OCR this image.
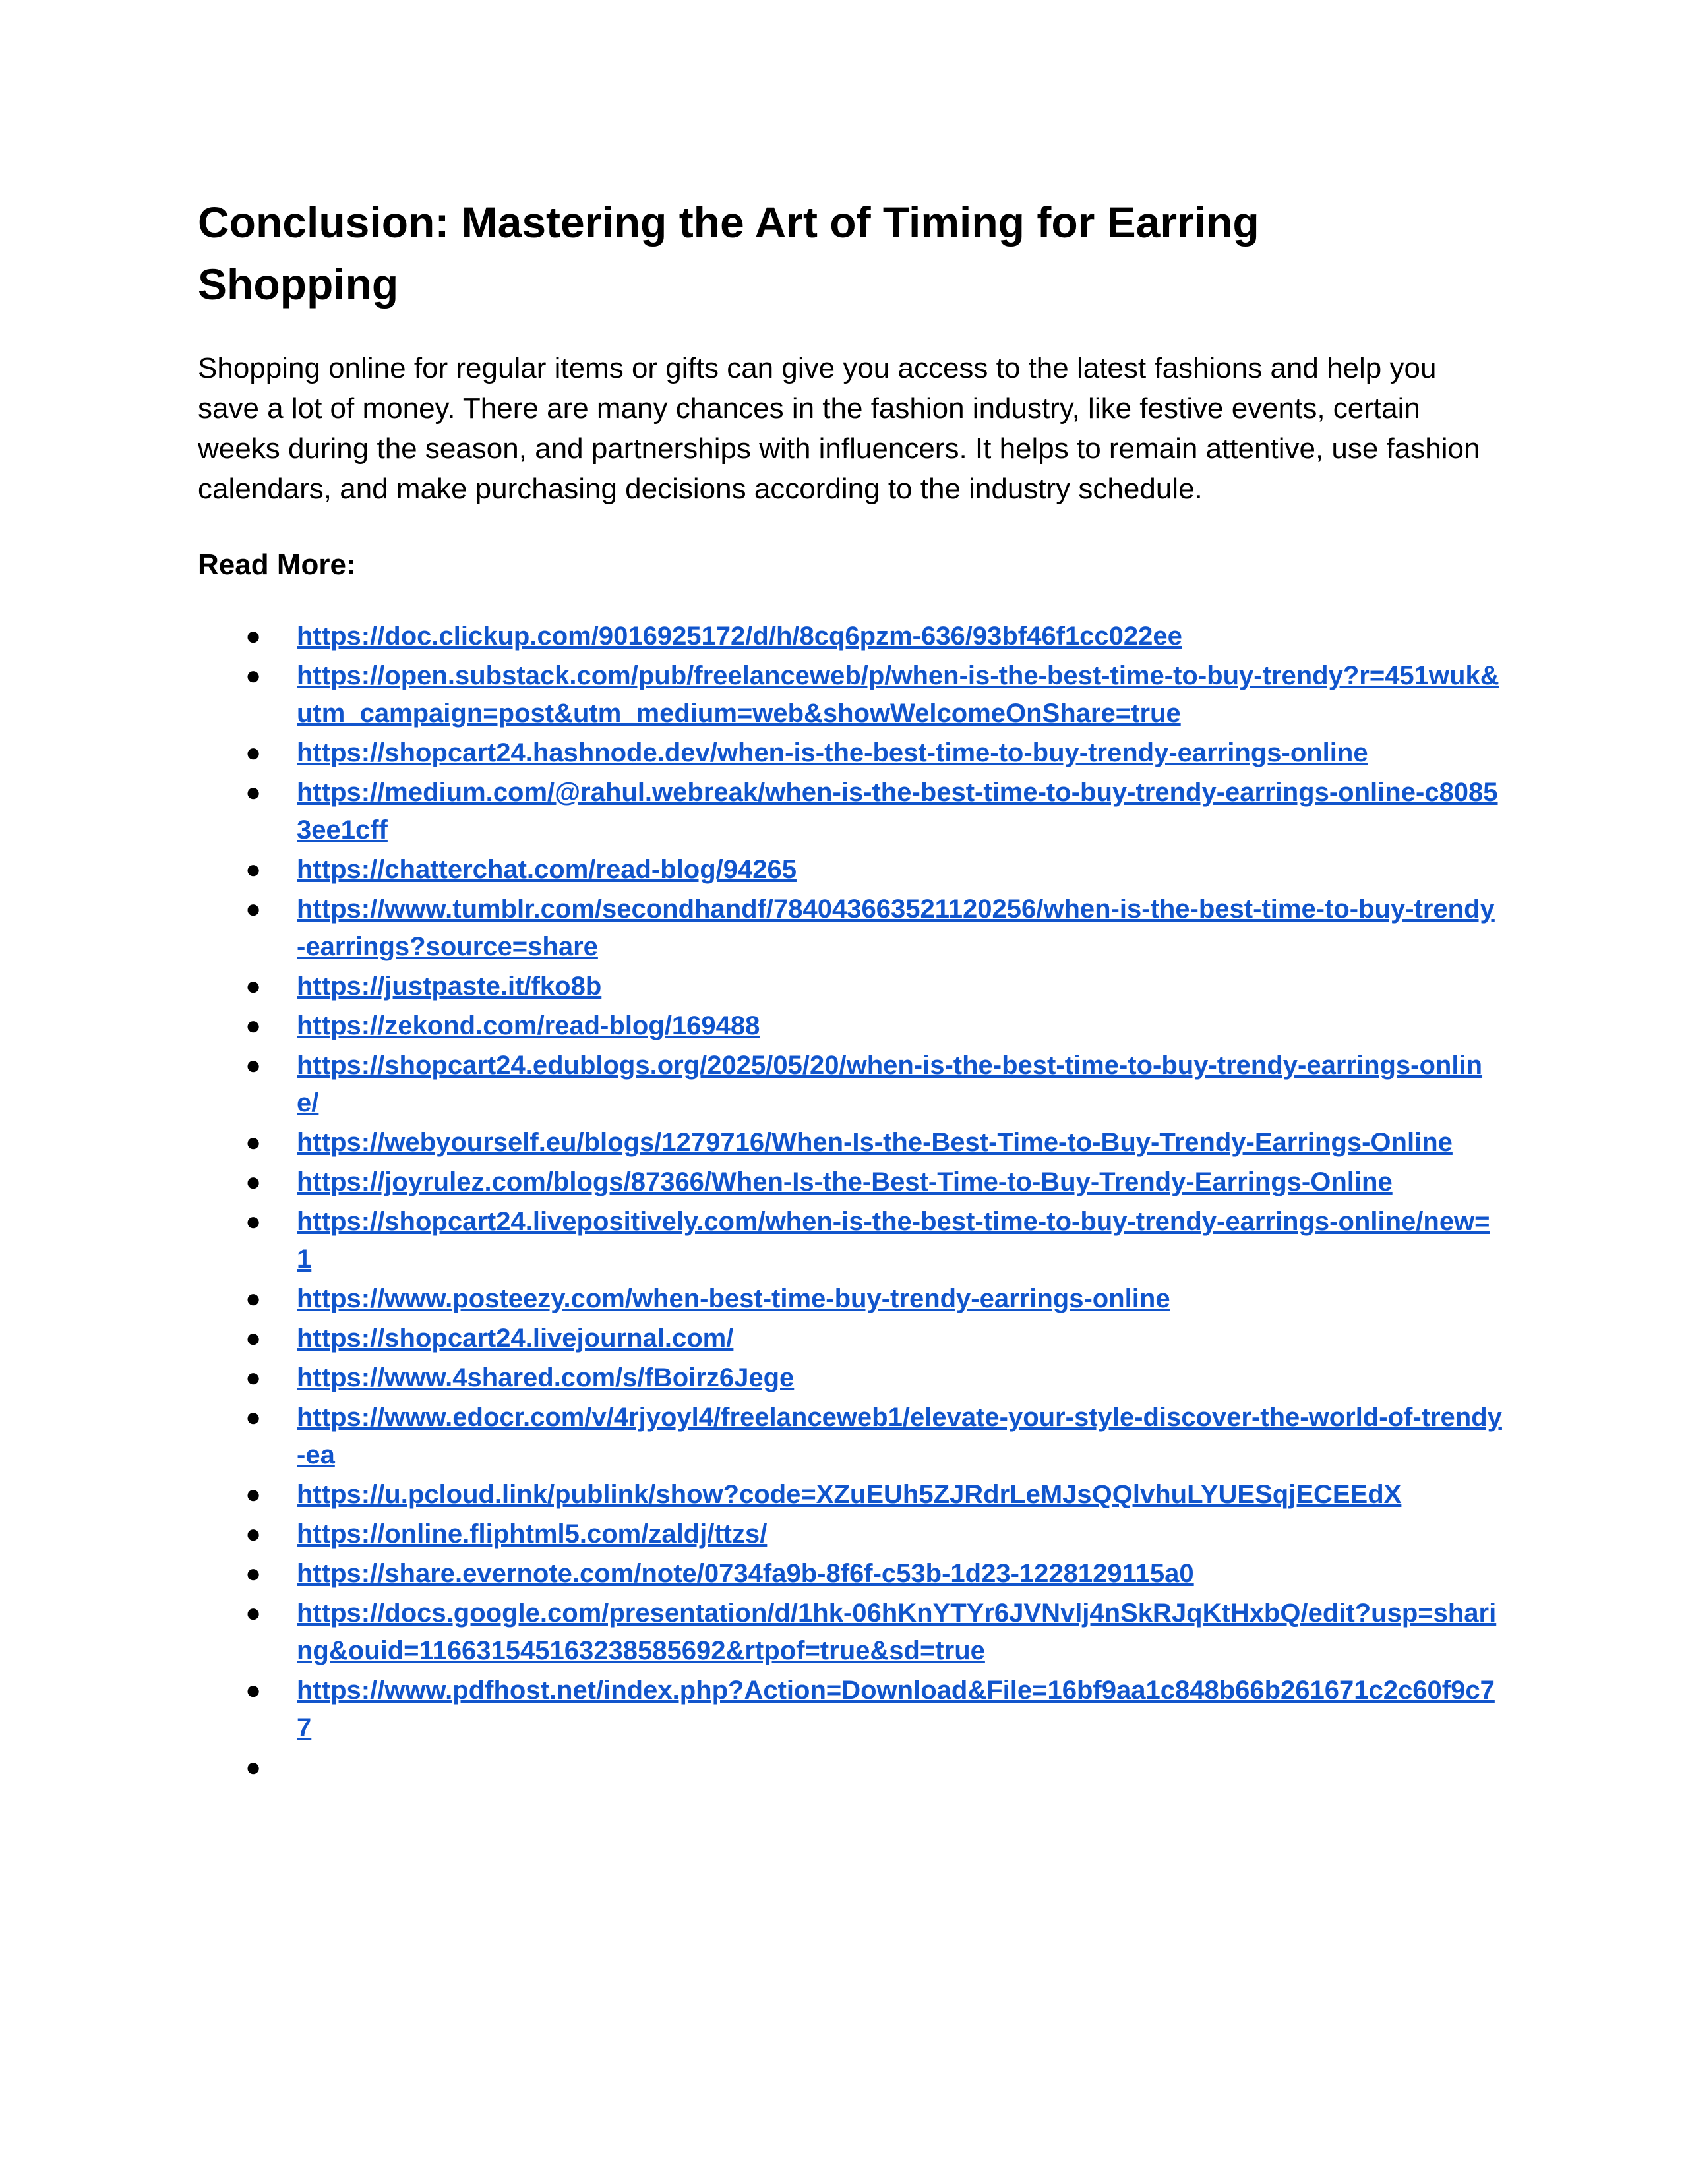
Conclusion: Mastering the Art of Timing for Earring Shopping

Shopping online for regular items or gifts can give you access to the latest fashions and help you save a lot of money. There are many chances in the fashion industry, like festive events, certain weeks during the season, and partnerships with influencers. It helps to remain attentive, use fashion calendars, and make purchasing decisions according to the industry schedule.

Read More:
●	https://doc.clickup.com/9016925172/d/h/8cq6pzm-636/93bf46f1cc022ee
●	https://open.substack.com/pub/freelanceweb/p/when-is-the-best-time-to-buy-trendy?r=451wuk&utm_campaign=post&utm_medium=web&showWelcomeOnShare=true
●	https://shopcart24.hashnode.dev/when-is-the-best-time-to-buy-trendy-earrings-online
●	https://medium.com/@rahul.webreak/when-is-the-best-time-to-buy-trendy-earrings-online-c80853ee1cff
●	https://chatterchat.com/read-blog/94265
●	https://www.tumblr.com/secondhandf/784043663521120256/when-is-the-best-time-to-buy-trendy-earrings?source=share
●	https://justpaste.it/fko8b
●	https://zekond.com/read-blog/169488
●	https://shopcart24.edublogs.org/2025/05/20/when-is-the-best-time-to-buy-trendy-earrings-online/
●	https://webyourself.eu/blogs/1279716/When-Is-the-Best-Time-to-Buy-Trendy-Earrings-Online
●	https://joyrulez.com/blogs/87366/When-Is-the-Best-Time-to-Buy-Trendy-Earrings-Online
●	https://shopcart24.livepositively.com/when-is-the-best-time-to-buy-trendy-earrings-online/new=1
●	https://www.posteezy.com/when-best-time-buy-trendy-earrings-online
●	https://shopcart24.livejournal.com/
●	https://www.4shared.com/s/fBoirz6Jege
●	https://www.edocr.com/v/4rjyoyl4/freelanceweb1/elevate-your-style-discover-the-world-of-trendy-ea
●	https://u.pcloud.link/publink/show?code=XZuEUh5ZJRdrLeMJsQQlvhuLYUESqjECEEdX
●	https://online.fliphtml5.com/zaldj/ttzs/
●	https://share.evernote.com/note/0734fa9b-8f6f-c53b-1d23-1228129115a0
●	https://docs.google.com/presentation/d/1hk-06hKnYTYr6JVNvlj4nSkRJqKtHxbQ/edit?usp=sharing&ouid=116631545163238585692&rtpof=true&sd=true
●	https://www.pdfhost.net/index.php?Action=Download&File=16bf9aa1c848b66b261671c2c60f9c77
●
